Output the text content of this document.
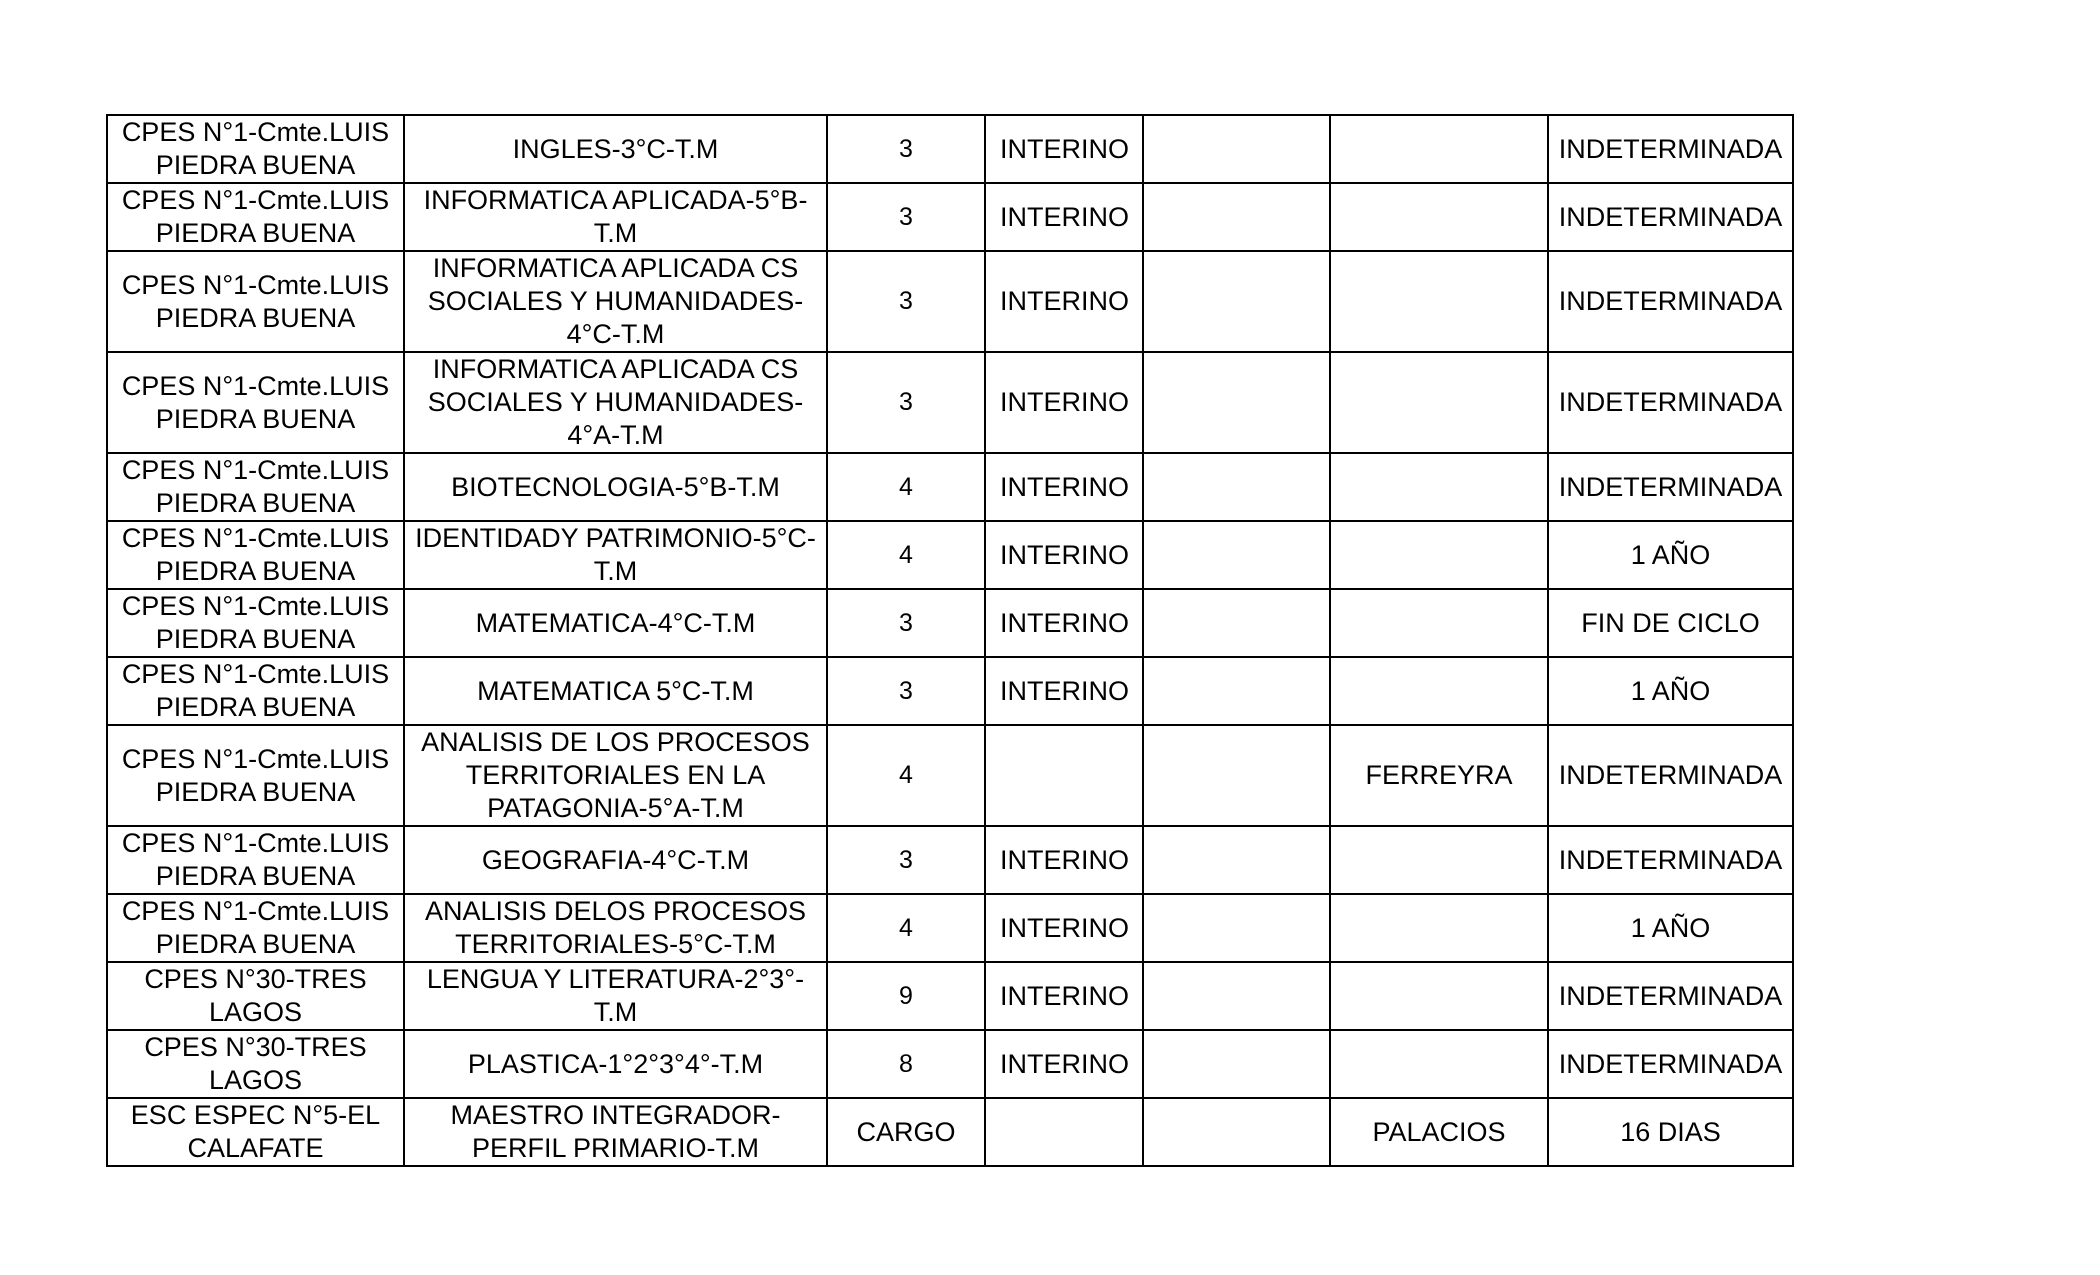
CPES N°1-Cmte.LUIS PIEDRA BUENA	INGLES-3°C-T.M	3	INTERINO			INDETERMINADA
CPES N°1-Cmte.LUIS PIEDRA BUENA	INFORMATICA APLICADA-5°B-T.M	3	INTERINO			INDETERMINADA
CPES N°1-Cmte.LUIS PIEDRA BUENA	INFORMATICA APLICADA CS SOCIALES Y HUMANIDADES-4°C-T.M	3	INTERINO			INDETERMINADA
CPES N°1-Cmte.LUIS PIEDRA BUENA	INFORMATICA APLICADA CS SOCIALES Y HUMANIDADES-4°A-T.M	3	INTERINO			INDETERMINADA
CPES N°1-Cmte.LUIS PIEDRA BUENA	BIOTECNOLOGIA-5°B-T.M	4	INTERINO			INDETERMINADA
CPES N°1-Cmte.LUIS PIEDRA BUENA	IDENTIDADY PATRIMONIO-5°C-T.M	4	INTERINO			1 AÑO
CPES N°1-Cmte.LUIS PIEDRA BUENA	MATEMATICA-4°C-T.M	3	INTERINO			FIN DE CICLO
CPES N°1-Cmte.LUIS PIEDRA BUENA	MATEMATICA 5°C-T.M	3	INTERINO			1 AÑO
CPES N°1-Cmte.LUIS PIEDRA BUENA	ANALISIS DE LOS PROCESOS TERRITORIALES EN LA PATAGONIA-5°A-T.M	4			FERREYRA	INDETERMINADA
CPES N°1-Cmte.LUIS PIEDRA BUENA	GEOGRAFIA-4°C-T.M	3	INTERINO			INDETERMINADA
CPES N°1-Cmte.LUIS PIEDRA BUENA	ANALISIS DELOS PROCESOS TERRITORIALES-5°C-T.M	4	INTERINO			1 AÑO
CPES N°30-TRES LAGOS	LENGUA Y LITERATURA-2°3°-T.M	9	INTERINO			INDETERMINADA
CPES N°30-TRES LAGOS	PLASTICA-1°2°3°4°-T.M	8	INTERINO			INDETERMINADA
ESC ESPEC N°5-EL CALAFATE	MAESTRO INTEGRADOR-PERFIL PRIMARIO-T.M	CARGO			PALACIOS	16 DIAS
